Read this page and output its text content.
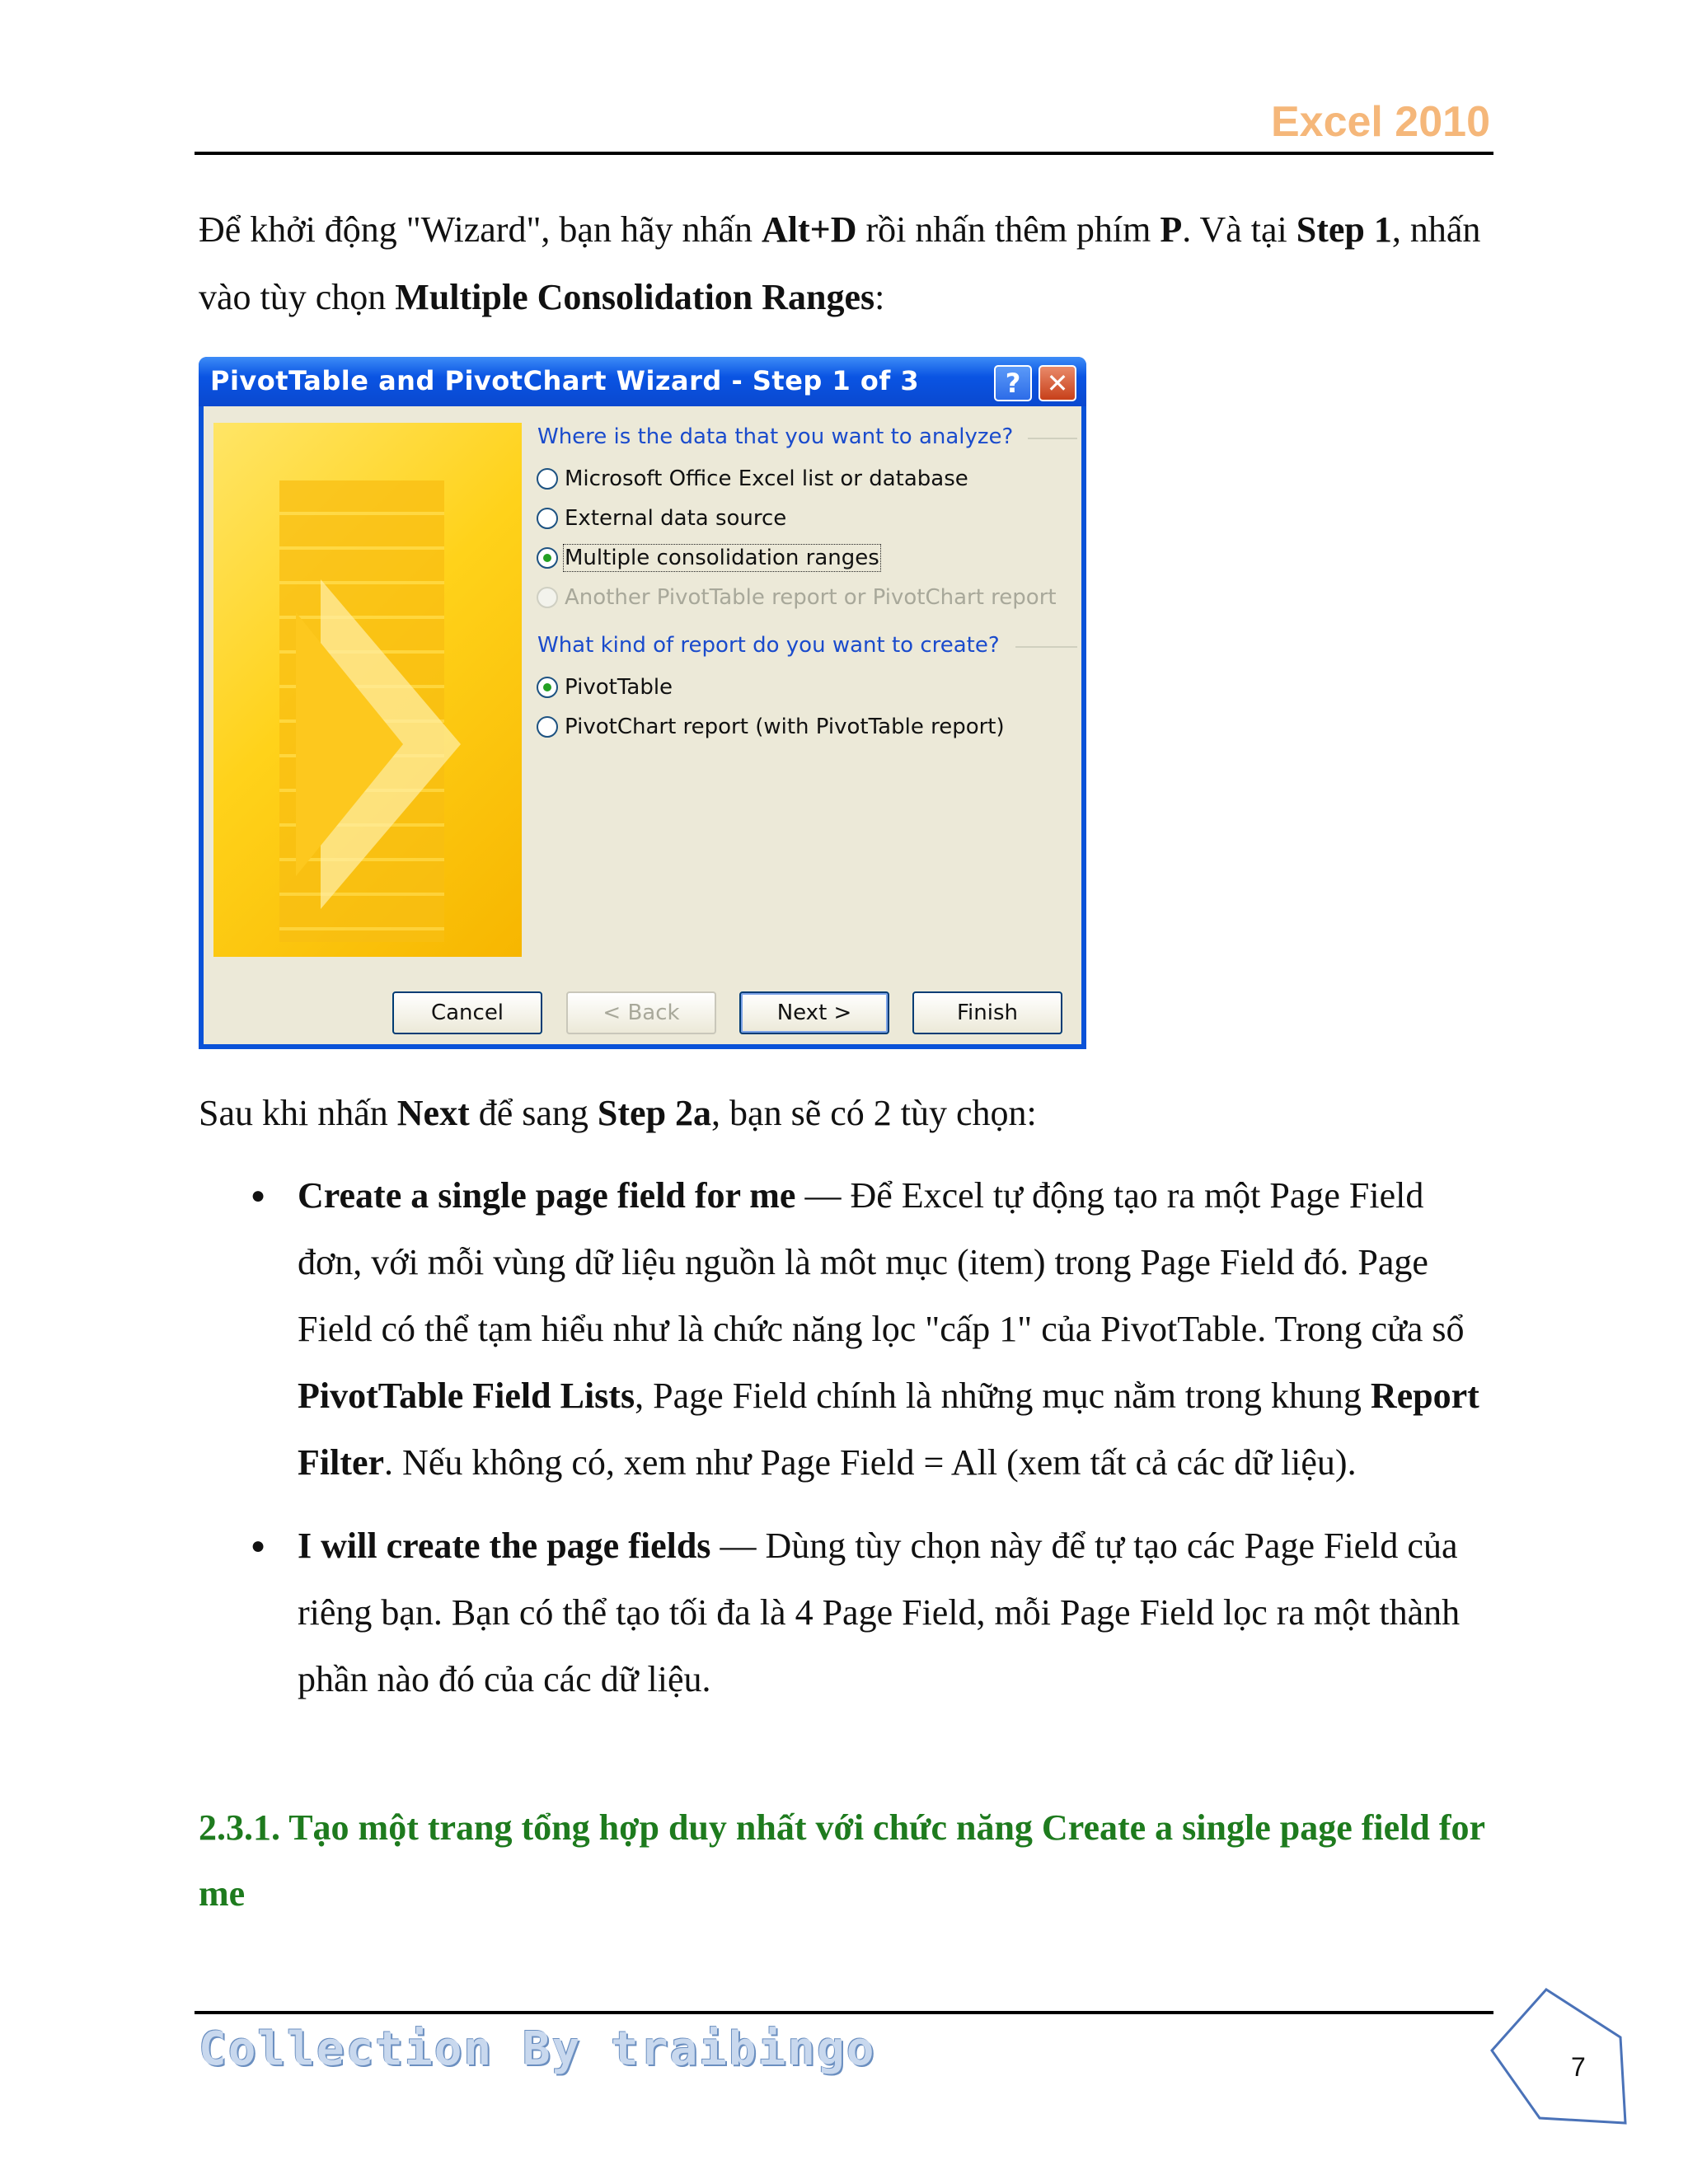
Excel 2010
Để khởi động "Wizard", bạn hãy nhấn Alt+D rồi nhấn thêm phím P. Và tại Step 1, nhấn vào tùy chọn Multiple Consolidation Ranges:
PivotTable and PivotChart Wizard - Step 1 of 3	? ✕
Where is the data that you want to analyze?
Microsoft Office Excel list or database
External data source
Multiple consolidation ranges
Another PivotTable report or PivotChart report
What kind of report do you want to create?
PivotTable
PivotChart report (with PivotTable report)
Cancel	< Back	Next >	Finish
Sau khi nhấn Next để sang Step 2a, bạn sẽ có 2 tùy chọn:
● Create a single page field for me — Để Excel tự động tạo ra một Page Field đơn, với mỗi vùng dữ liệu nguồn là môt mục (item) trong Page Field đó. Page Field có thể tạm hiểu như là chức năng lọc "cấp 1" của PivotTable. Trong cửa sổ PivotTable Field Lists, Page Field chính là những mục nằm trong khung Report Filter. Nếu không có, xem như Page Field = All (xem tất cả các dữ liệu).
● I will create the page fields — Dùng tùy chọn này để tự tạo các Page Field của riêng bạn. Bạn có thể tạo tối đa là 4 Page Field, mỗi Page Field lọc ra một thành phần nào đó của các dữ liệu.
2.3.1. Tạo một trang tổng hợp duy nhất với chức năng Create a single page field for me
Collection By traibingo	7
